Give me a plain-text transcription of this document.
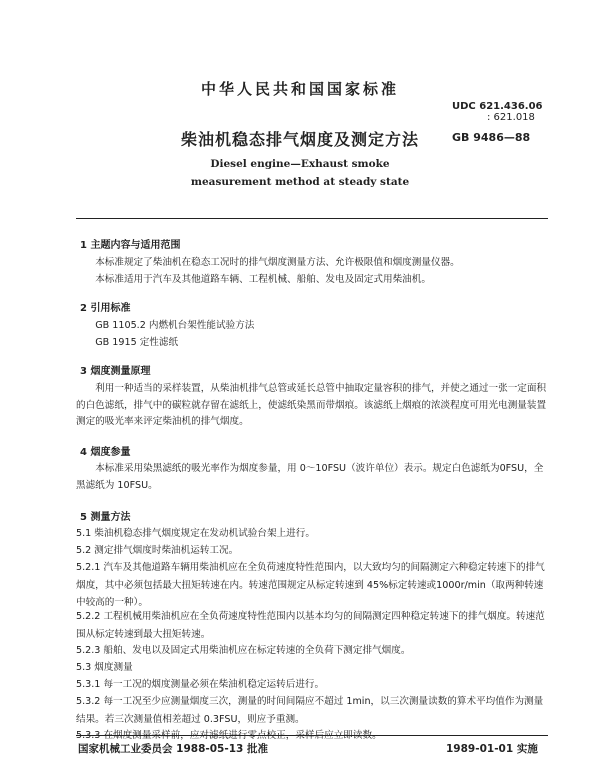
中华人民共和国国家标准
UDC 621.436.06
: 621.018
柴油机稳态排气烟度及测定方法	GB 9486—88
Diesel engine—Exhaust smoke
measurement method at steady state
1 主题内容与适用范围
本标准规定了柴油机在稳态工况时的排气烟度测量方法、允许极限值和烟度测量仪器。
本标准适用于汽车及其他道路车辆、工程机械、船舶、发电及固定式用柴油机。
2 引用标准
GB 1105.2 内燃机台架性能试验方法
GB 1915 定性滤纸
3 烟度测量原理
利用一种适当的采样装置，从柴油机排气总管或延长总管中抽取定量容积的排气，并使之通过一张一定面积的白色滤纸，排气中的碳粒就存留在滤纸上，使滤纸染黑而带烟痕。该滤纸上烟痕的浓淡程度可用光电测量装置测定的吸光率来评定柴油机的排气烟度。
4 烟度参量
本标准采用染黑滤纸的吸光率作为烟度参量，用 0～10FSU（波许单位）表示。规定白色滤纸为0FSU，全黑滤纸为 10FSU。
5 测量方法
5.1 柴油机稳态排气烟度规定在发动机试验台架上进行。
5.2 测定排气烟度时柴油机运转工况。
5.2.1 汽车及其他道路车辆用柴油机应在全负荷速度特性范围内，以大致均匀的间隔测定六种稳定转速下的排气烟度，其中必须包括最大扭矩转速在内。转速范围规定从标定转速到 45%标定转速或1000r/min（取两种转速中较高的一种）。
5.2.2 工程机械用柴油机应在全负荷速度特性范围内以基本均匀的间隔测定四种稳定转速下的排气烟度。转速范围从标定转速到最大扭矩转速。
5.2.3 船舶、发电以及固定式用柴油机应在标定转速的全负荷下测定排气烟度。
5.3 烟度测量
5.3.1 每一工况的烟度测量必须在柴油机稳定运转后进行。
5.3.2 每一工况至少应测量烟度三次，测量的时间间隔应不超过 1min，以三次测量读数的算术平均值作为测量结果。若三次测量值相差超过 0.3FSU，则应予重测。
5.3.3 在烟度测量采样前，应对滤纸进行零点校正，采样后应立即读数。
国家机械工业委员会 1988-05-13 批准	1989-01-01 实施
